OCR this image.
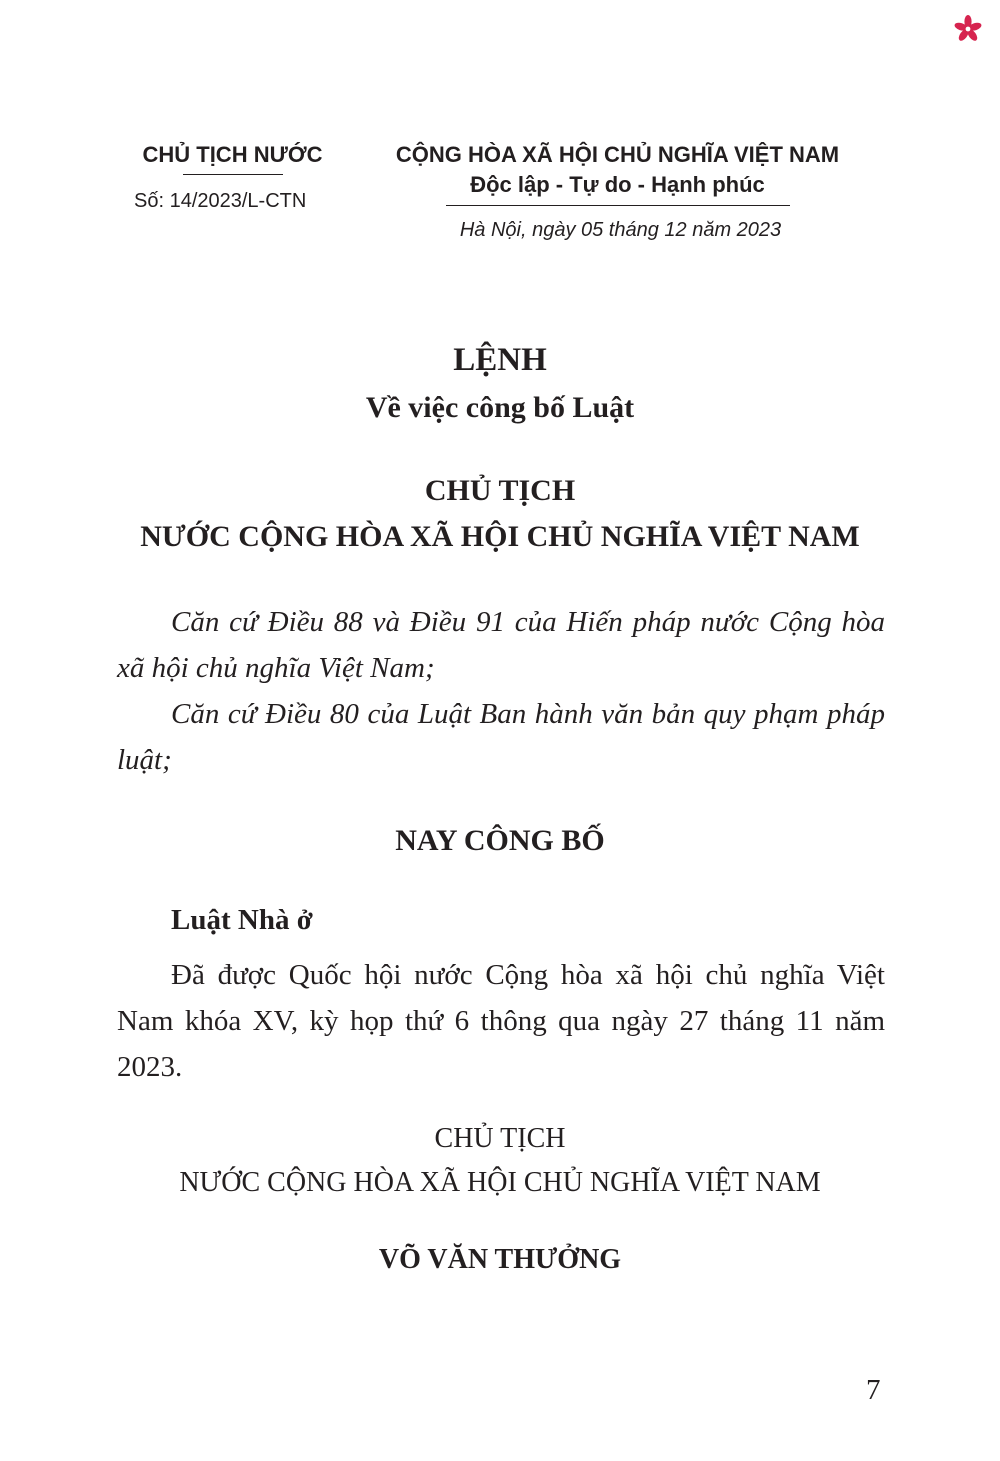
CHỦ TỊCH NƯỚC
Số: 14/2023/L-CTN
CỘNG HÒA XÃ HỘI CHỦ NGHĨA VIỆT NAM
Độc lập - Tự do - Hạnh phúc
Hà Nội, ngày 05 tháng 12 năm 2023
LỆNH
Về việc công bố Luật
CHỦ TỊCH
NƯỚC CỘNG HÒA XÃ HỘI CHỦ NGHĨA VIỆT NAM
Căn cứ Điều 88 và Điều 91 của Hiến pháp nước Cộng hòa xã hội chủ nghĩa Việt Nam;
Căn cứ Điều 80 của Luật Ban hành văn bản quy phạm pháp luật;
NAY CÔNG BỐ
Luật Nhà ở
Đã được Quốc hội nước Cộng hòa xã hội chủ nghĩa Việt Nam khóa XV, kỳ họp thứ 6 thông qua ngày 27 tháng 11 năm 2023.
CHỦ TỊCH
NƯỚC CỘNG HÒA XÃ HỘI CHỦ NGHĨA VIỆT NAM
VÕ VĂN THƯỞNG
7
